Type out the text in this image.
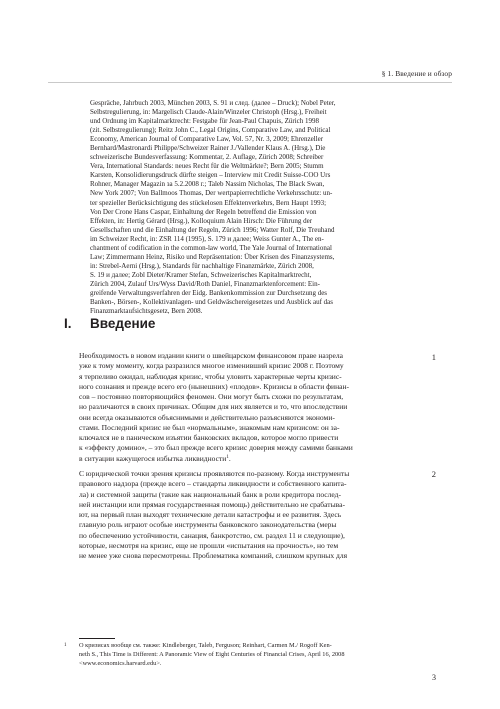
§ 1. Введение и обзор

Gespräche, Jahrbuch 2003, München 2003, S. 91 и след. (далее – Druck); Nobel Peter,

Selbstregulierung, in: Margelisch Claude-Alain/Winzeler Christoph (Hrsg.), Freiheit

und Ordnung im Kapitalmarktrecht: Festgabe für Jean-Paul Chapuis, Zürich 1998

(zit. Selbstregulierung); Reitz John C., Legal Origins, Comparative Law, and Political

Economy, American Journal of Comparative Law, Vol. 57, Nr. 3, 2009; Ehrenzeller

Bernhard/Mastronardi Philippe/Schweizer Rainer J./Vallender Klaus A. (Hrsg.), Die

schweizerische Bundesverfassung: Kommentar, 2. Auflage, Zürich 2008; Schreiber

Vera, International Standards: neues Recht für die Weltmärkte?; Bern 2005; Stumm

Karsten, Konsolidierungsdruck dürfte steigen – Interview mit Credit Suisse-COO Urs

Rohner, Manager Magazin за 5.2.2008 г.; Taleb Nassim Nicholas, The Black Swan,

New York 2007; Von Ballmoos Thomas, Der wertpapierrechtliche Verkehrsschutz: un-

ter spezieller Berücksichtigung des stückelosen Effektenverkehrs, Bern Haupt 1993;

Von Der Crone Hans Caspar, Einhaltung der Regeln betreffend die Emission von

Effekten, in: Hertig Gérard (Hrsg.), Kolloquium Alain Hirsch: Die Führung der

Gesellschaften und die Einhaltung der Regeln, Zürich 1996; Watter Rolf, Die Treuhand

im Schweizer Recht, in: ZSR 114 (1995), S. 179 и далее; Weiss Gunter A., The en-

chantment of codification in the common-law world, The Yale Journal of International

Law; Zimmermann Heinz, Risiko und Repräsentation: Über Krisen des Finanzsystems,

in: Strebel-Aerni (Hrsg.), Standards für nachhaltige Finanzmärkte, Zürich 2008,

S. 19 и далее; Zobl Dieter/Kramer Stefan, Schweizerisches Kapitalmarktrecht,

Zürich 2004, Zulauf Urs/Wyss David/Roth Daniel, Finanzmarktenforcement: Ein-

greifende Verwaltungsverfahren der Eidg. Bankenkommission zur Durchsetzung des

Banken-, Börsen-, Kollektivanlagen- und Geldwäschereigesetzes und Ausblick auf das

Finanzmarktaufsichtsgesetz, Bern 2008.

I. Введение
1

Необходимость в новом издании книги о швейцарском финансовом праве назрела

уже к тому моменту, когда разразился многое изменивший кризис 2008 г. Поэтому

я терпеливо ожидал, наблюдая кризис, чтобы уловить характерные черты кризис-

ного сознания и прежде всего его (нынешних) «плодов». Кризисы в области финан-

сов – постоянно повторяющийся феномен. Они могут быть схожи по результатам,

но различаются в своих причинах. Общим для них является и то, что впоследствии

они всегда оказываются объяснимыми и действительно разъясняются экономи-

стами. Последний кризис не был «нормальным», знакомым нам кризисом: он за-

ключался не в паническом изъятии банковских вкладов, которое могло привести

к «эффекту домино», – это был прежде всего кризис доверия между самими банками

в ситуации кажущегося избытка ликвидности$^1$.

2

С юридической точки зрения кризисы проявляются по-разному. Когда инструменты

правового надзора (прежде всего – стандарты ликвидности и собственного капита-

ла) и системной защиты (такие как национальный банк в роли кредитора послед-

ней инстанции или прямая государственная помощь) действительно не срабатыва-

ют, на первый план выходят технические детали катастрофы и ее развития. Здесь

главную роль играют особые инструменты банковского законодательства (меры

по обеспечению устойчивости, санация, банкротство, см. раздел 11 и следующие),

которые, несмотря на кризис, еще не прошли «испытания на прочность», но тем

не менее уже снова пересмотрены. Проблематика компаний, слишком крупных для

1 О кризисах вообще см. также: Kindleberger, Taleb, Ferguson; Reinhart, Carmen M./ Rogoff Ken-

neth S., This Time is Different: A Panoramic View of Eight Centuries of Financial Crises, April 16, 2008

<www.economics.harvard.edu>.

3
